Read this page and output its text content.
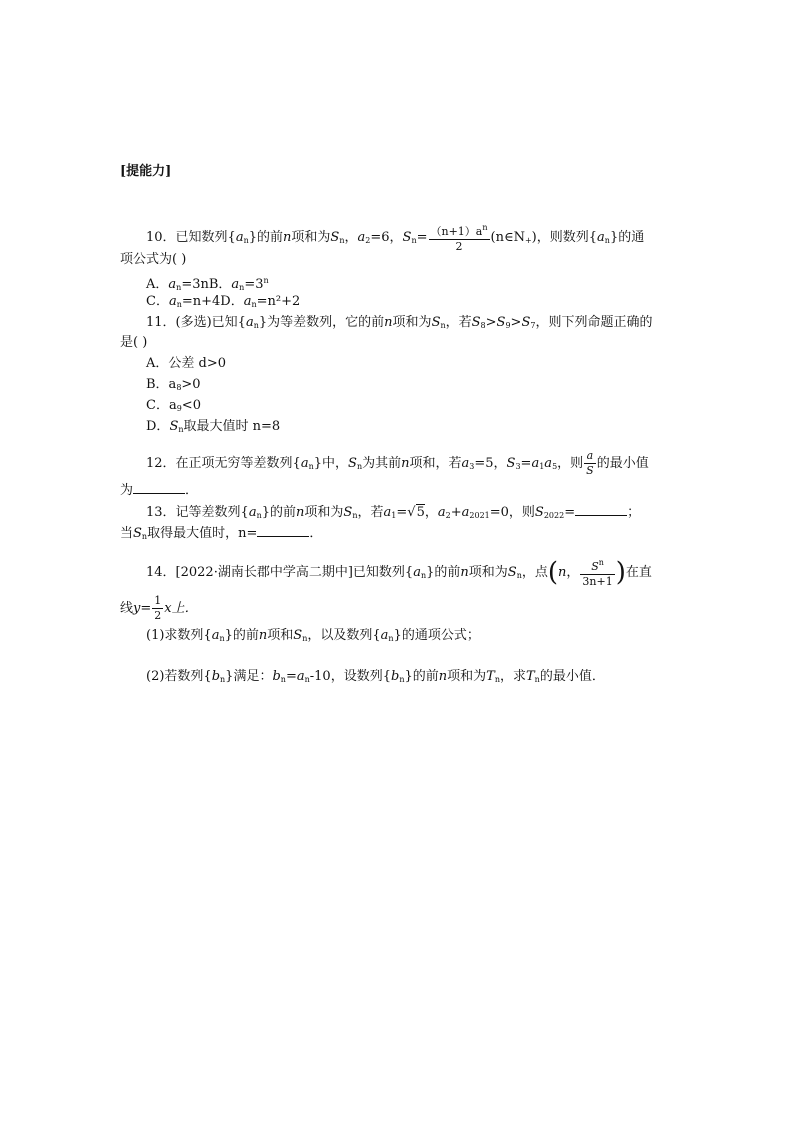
[提能力]
10．已知数列$\{a_n\}$的前n项和为$S_n$，$a_2=6$，$S_n= \frac{(n+1)a^n}{2}$ $(n\in N_+)$，则数列$\{a_n\}$的通
项公式为( )
A．$a_n=3nB$．$a_n=3^n$
C．$a_n=n+4D$．$a_n=n^2+2$
11．(多选)已知$\{a_n\}$为等差数列，它的前n项和为$S_n$，若$S_8>S_9>S_7$，则下列命题正确的
是( )
A．公差 d>0
B．$a_8>0$
C．$a_9<0$
D．$S_n$取最大值时 n=8
12．在正项无穷等差数列$\{a_n\}$中，$S_n$为其前n项和，若$a_3=5$，$S_3=a_1a_5$，则 $\frac{a}{S}$ 的最小值
为	．
13．记等差数列$\{a_n\}$的前n项和为$S_n$，若$a_1=√5$，$a_2+a_{2021}=0$，则$S_{2022}=$	；
当$S_n$取得最大值时，n=	．
14．[2022·湖南长郡中学高二期中]已知数列$\{a_n\}$的前n项和为$S_n$，点(n， $\frac{S^n}{3n+1}$ )在直
线$y= \frac{1}{2}$ x上．
(1)求数列$\{a_n\}$的前n项和$S_n$，以及数列$\{a_n\}$的通项公式；
(2)若数列$\{b_n\}$满足：$b_n=a_n-10$，设数列$\{b_n\}$的前n项和为$T_n$，求$T_n$的最小值．
